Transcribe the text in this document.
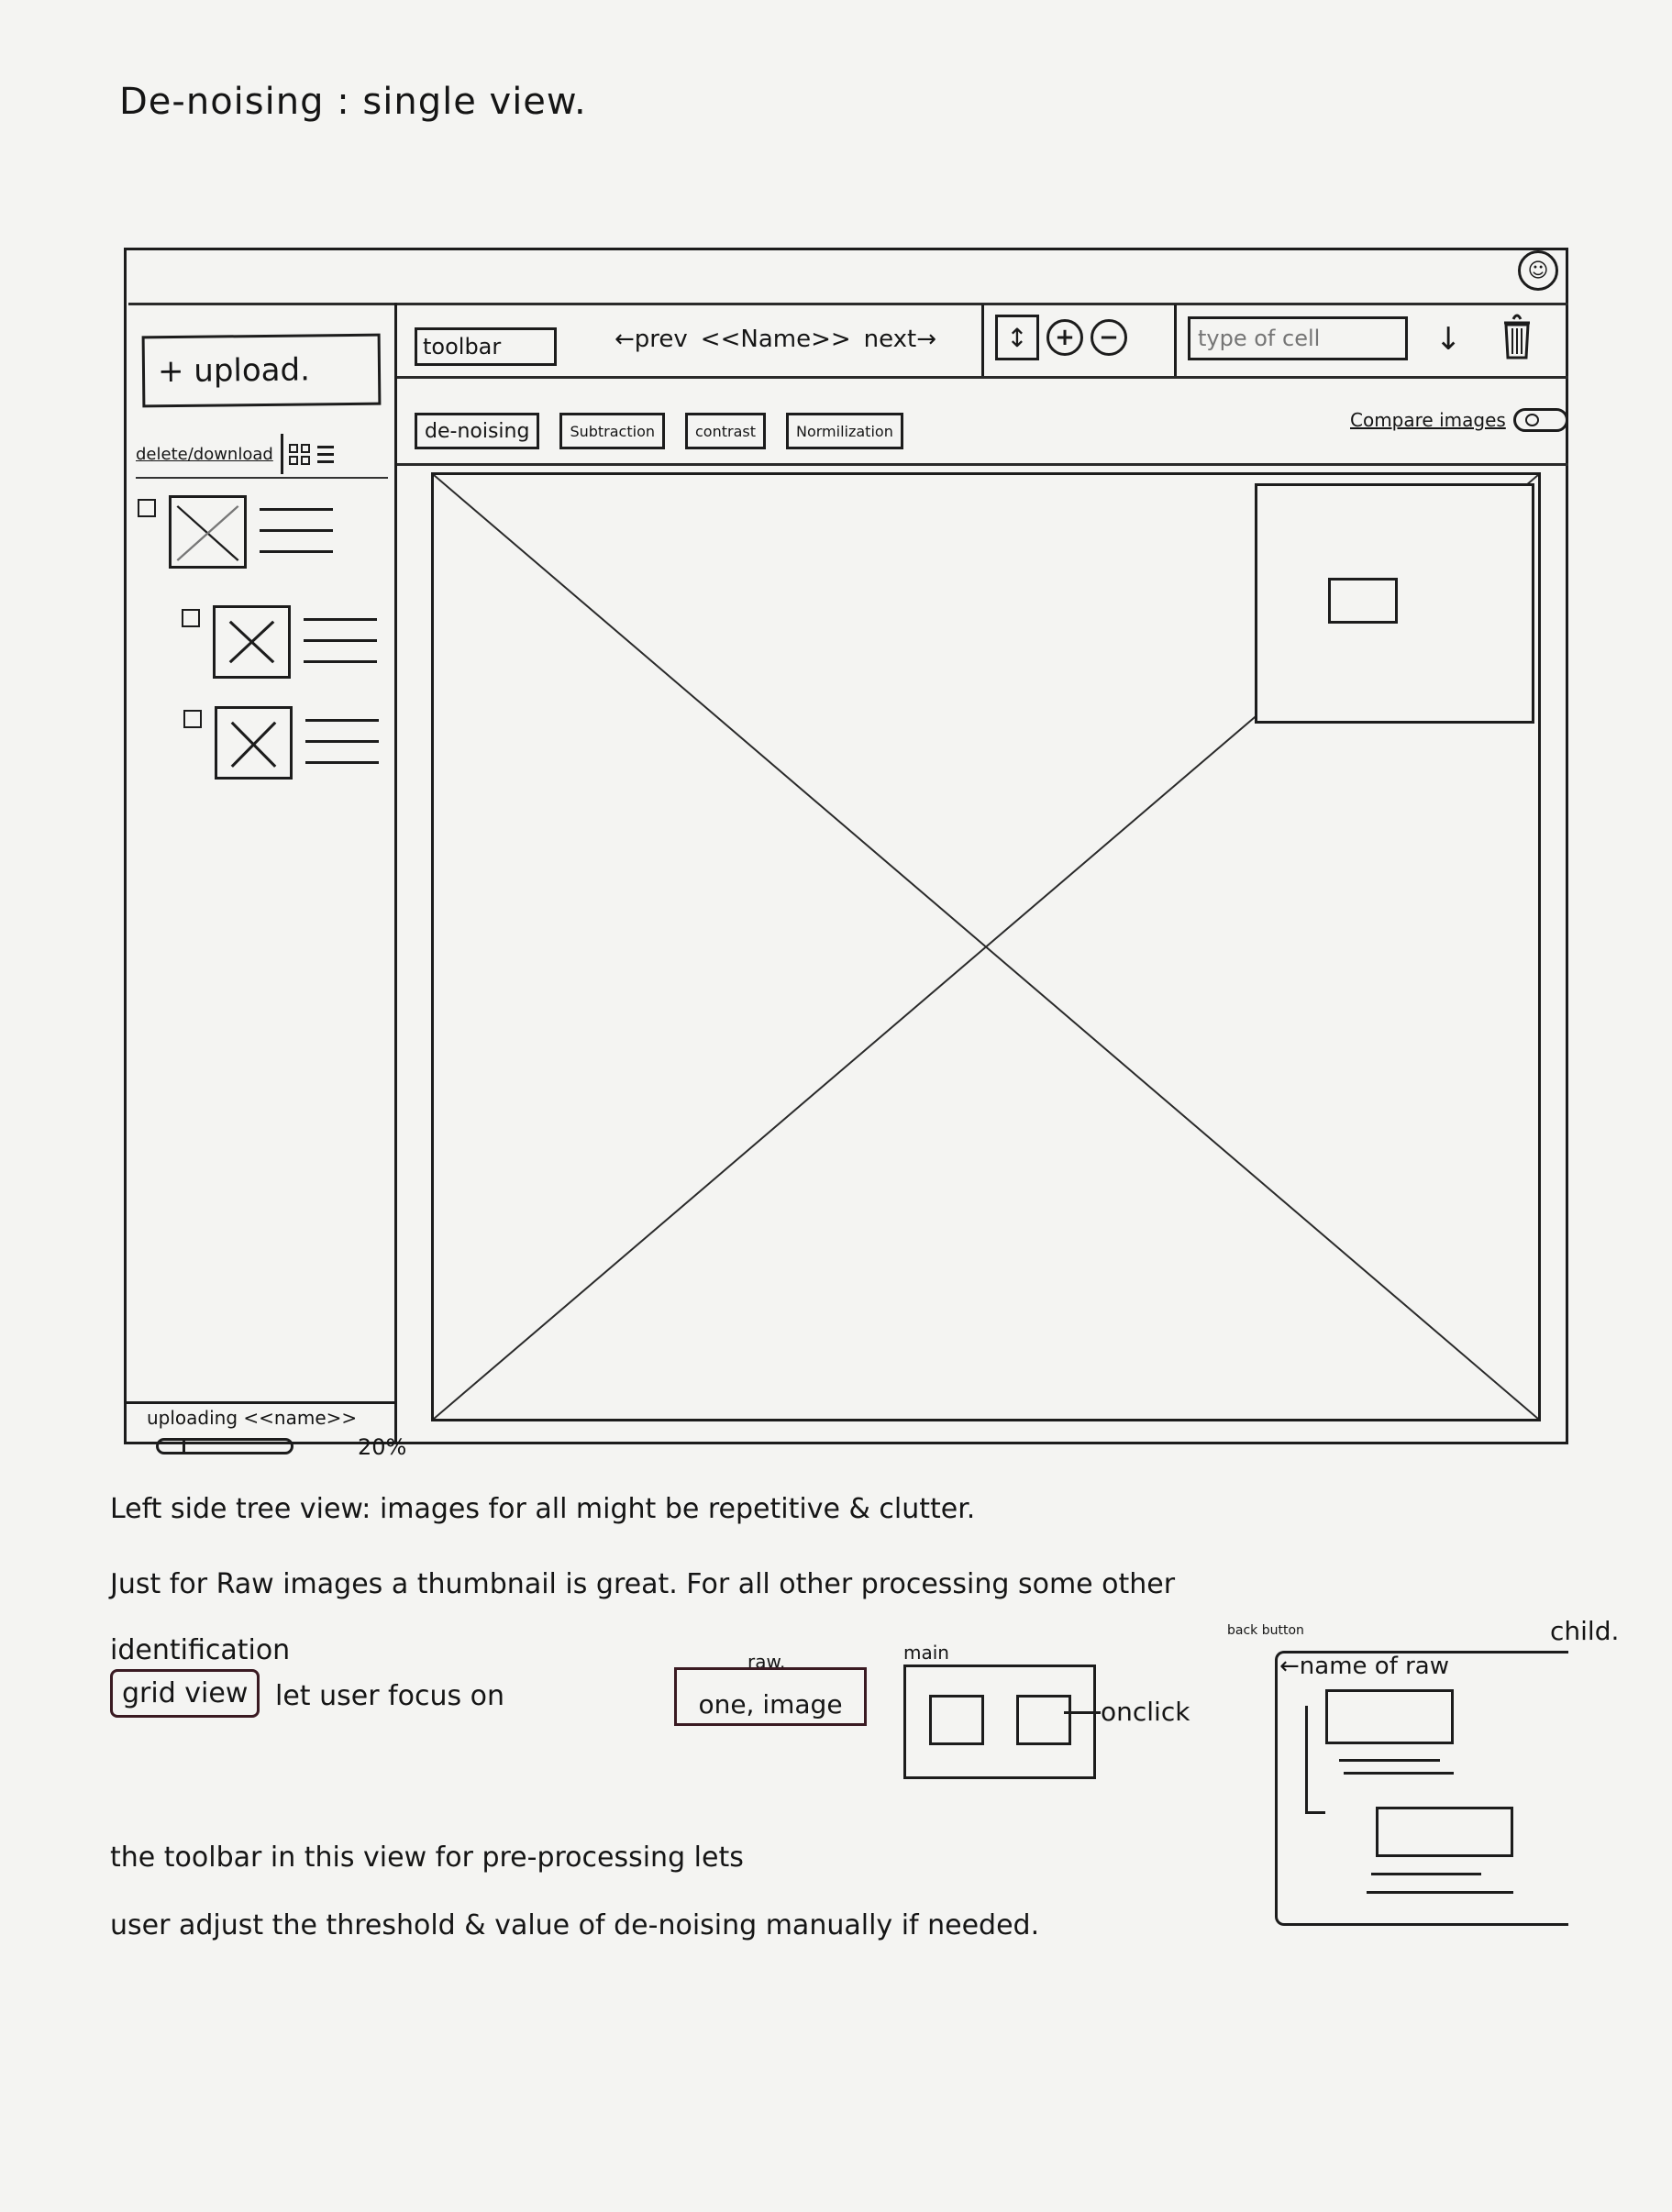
De-noising : single view.
☺
+ upload.
delete/download
uploading <<name>>
20%
toolbar	←prev <<Name>> next→	↕	+	−
type of cell	↓
de-noising	Subtraction	contrast	Normilization	Compare images
Left side tree view: images for all might be repetitive & clutter.
Just for Raw images a thumbnail is great. For all other processing some other
identification
grid view let user focus on
raw.
one, image
main
onclick
back button	child.
←name of raw
the toolbar in this view for pre-processing lets
user adjust the threshold & value of de-noising manually if needed.
